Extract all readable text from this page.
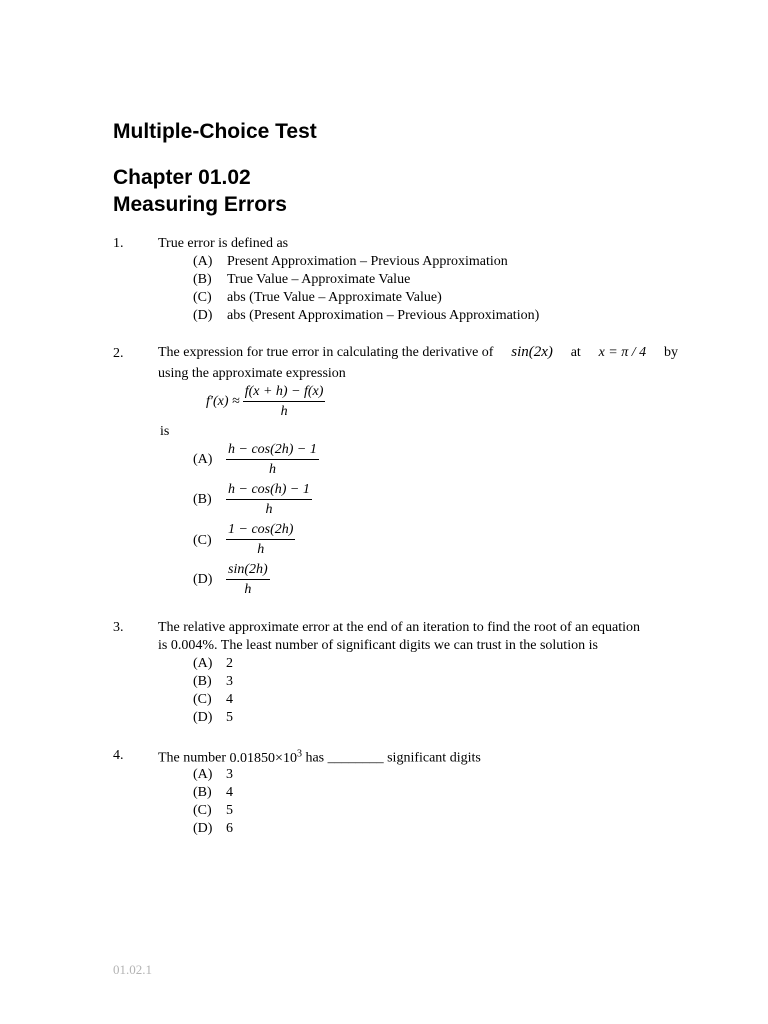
Multiple-Choice Test
Chapter 01.02
Measuring Errors
1. True error is defined as
(A) Present Approximation – Previous Approximation
(B) True Value – Approximate Value
(C) abs (True Value – Approximate Value)
(D) abs (Present Approximation – Previous Approximation)
2. The expression for true error in calculating the derivative of sin(2x) at x = π / 4 by
using the approximate expression
$f'(x) \approx \frac{f(x + h) - f(x)}{h}$
is
$(A) \frac{h - \cos(2h) - 1}{h}$
$(B) \frac{h - \cos(h) - 1}{h}$
$(C) \frac{1 - \cos(2h)}{h}$
$(D) \frac{\sin(2h)}{h}$
3. The relative approximate error at the end of an iteration to find the root of an equation
is 0.004%. The least number of significant digits we can trust in the solution is
(A) 2
(B) 3
(C) 4
(D) 5
4. The number $0.01850\times 10^3$ has ________ significant digits
(A) 3
(B) 4
(C) 5
(D) 6
01.02.1
